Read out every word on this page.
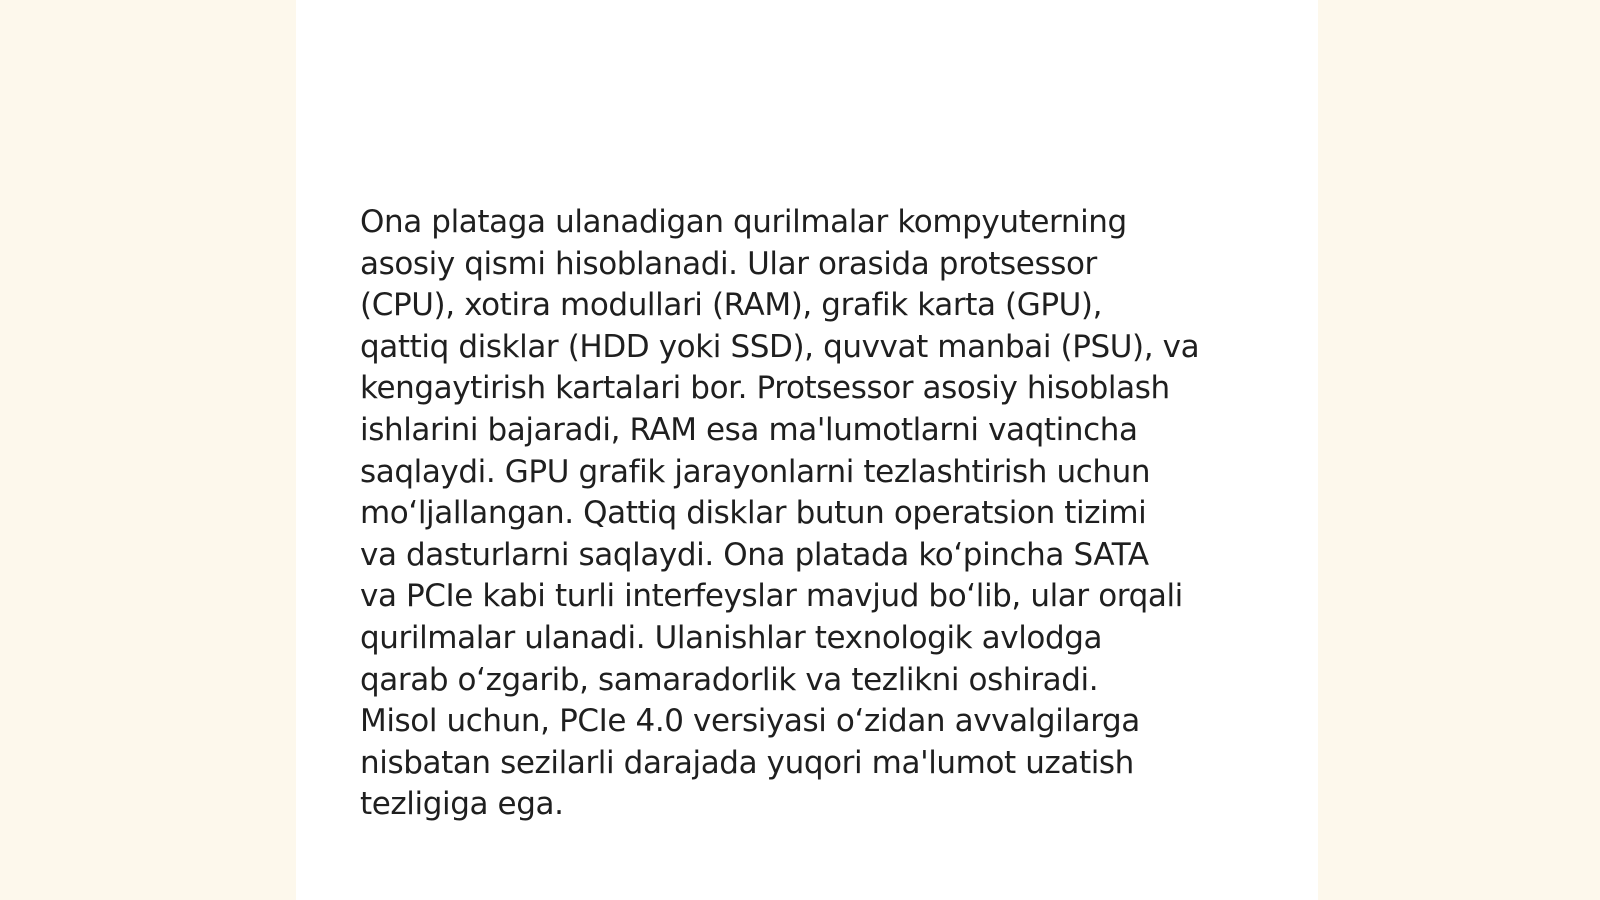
Ona plataga ulanadigan qurilmalar kompyuterning
asosiy qismi hisoblanadi. Ular orasida protsessor
(CPU), xotira modullari (RAM), grafik karta (GPU),
qattiq disklar (HDD yoki SSD), quvvat manbai (PSU), va
kengaytirish kartalari bor. Protsessor asosiy hisoblash
ishlarini bajaradi, RAM esa ma'lumotlarni vaqtincha
saqlaydi. GPU grafik jarayonlarni tezlashtirish uchun
mo‘ljallangan. Qattiq disklar butun operatsion tizimi
va dasturlarni saqlaydi. Ona platada ko‘pincha SATA
va PCIe kabi turli interfeyslar mavjud bo‘lib, ular orqali
qurilmalar ulanadi. Ulanishlar texnologik avlodga
qarab o‘zgarib, samaradorlik va tezlikni oshiradi.
Misol uchun, PCIe 4.0 versiyasi o‘zidan avvalgilarga
nisbatan sezilarli darajada yuqori ma'lumot uzatish
tezligiga ega.
